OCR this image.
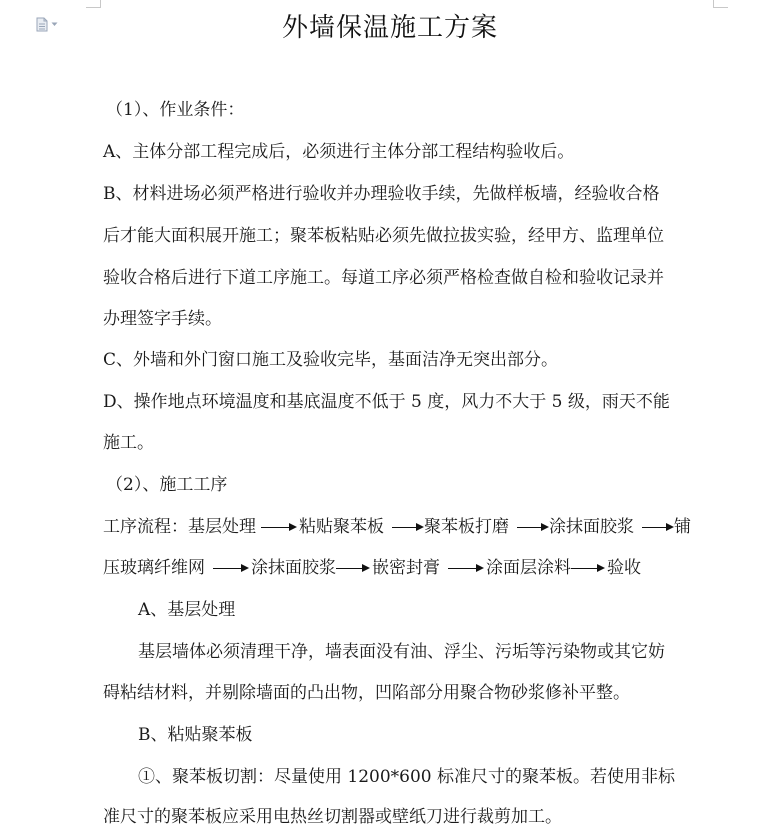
外墙保温施工方案
（1）、作业条件：
A、主体分部工程完成后，必须进行主体分部工程结构验收后。
B、材料进场必须严格进行验收并办理验收手续，先做样板墙，经验收合格
后才能大面积展开施工；聚苯板粘贴必须先做拉拔实验，经甲方、监理单位
验收合格后进行下道工序施工。每道工序必须严格检查做自检和验收记录并
办理签字手续。
C、外墙和外门窗口施工及验收完毕，基面洁净无突出部分。
D、操作地点环境温度和基底温度不低于 5 度，风力不大于 5 级，雨天不能
施工。
（2）、施工工序
工序流程： 基层处理	粘贴聚苯板 聚苯板打磨 涂抹面胶浆 铺
压玻璃纤维网	涂抹面胶浆 嵌密封膏	涂面层涂料 验收
A、基层处理
基层墙体必须清理干净，墙表面没有油、浮尘、污垢等污染物或其它妨
碍粘结材料，并剔除墙面的凸出物，凹陷部分用聚合物砂浆修补平整。
B、粘贴聚苯板
①、聚苯板切割：尽量使用 1200*600 标准尺寸的聚苯板。若使用非标
准尺寸的聚苯板应采用电热丝切割器或壁纸刀进行裁剪加工。
